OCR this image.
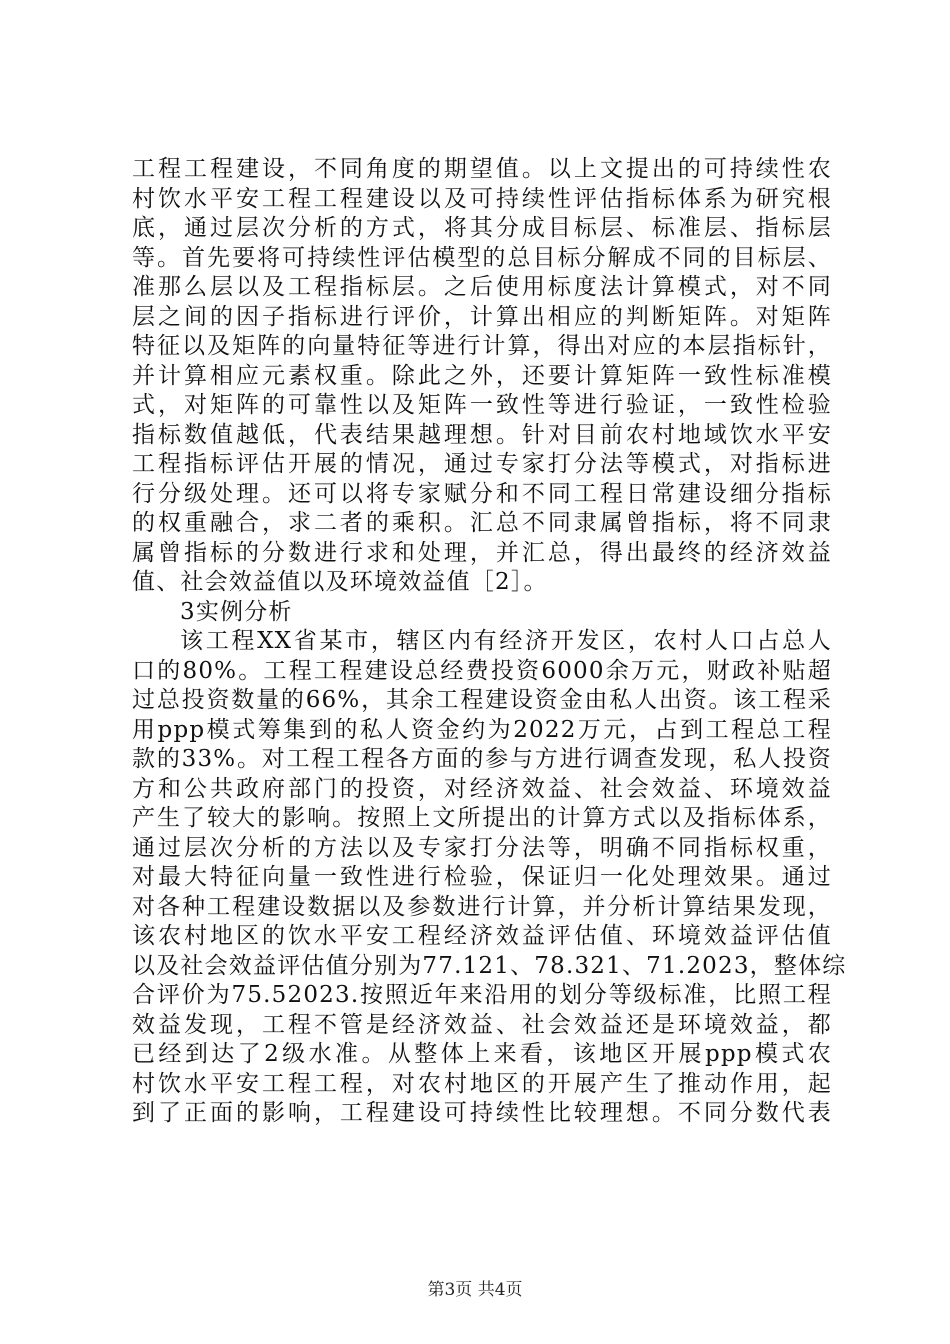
工程工程建设，不同角度的期望值。以上文提出的可持续性农
村饮水平安工程工程建设以及可持续性评估指标体系为研究根
底，通过层次分析的方式，将其分成目标层、标准层、指标层
等。首先要将可持续性评估模型的总目标分解成不同的目标层、
准那么层以及工程指标层。之后使用标度法计算模式，对不同
层之间的因子指标进行评价，计算出相应的判断矩阵。对矩阵
特征以及矩阵的向量特征等进行计算，得出对应的本层指标针，
并计算相应元素权重。除此之外，还要计算矩阵一致性标准模
式，对矩阵的可靠性以及矩阵一致性等进行验证，一致性检验
指标数值越低，代表结果越理想。针对目前农村地域饮水平安
工程指标评估开展的情况，通过专家打分法等模式，对指标进
行分级处理。还可以将专家赋分和不同工程日常建设细分指标
的权重融合，求二者的乘积。汇总不同隶属曾指标，将不同隶
属曾指标的分数进行求和处理，并汇总，得出最终的经济效益
值、社会效益值以及环境效益值［2］。
3实例分析
该工程XX省某市，辖区内有经济开发区，农村人口占总人
口的80%。工程工程建设总经费投资6000余万元，财政补贴超
过总投资数量的66%，其余工程建设资金由私人出资。该工程采
用ppp模式筹集到的私人资金约为2022万元，占到工程总工程
款的33%。对工程工程各方面的参与方进行调查发现，私人投资
方和公共政府部门的投资，对经济效益、社会效益、环境效益
产生了较大的影响。按照上文所提出的计算方式以及指标体系，
通过层次分析的方法以及专家打分法等，明确不同指标权重，
对最大特征向量一致性进行检验，保证归一化处理效果。通过
对各种工程建设数据以及参数进行计算，并分析计算结果发现，
该农村地区的饮水平安工程经济效益评估值、环境效益评估值
以及社会效益评估值分别为77.121、78.321、71.2023，整体综
合评价为75.52023.按照近年来沿用的划分等级标准，比照工程
效益发现，工程不管是经济效益、社会效益还是环境效益，都
已经到达了2级水准。从整体上来看，该地区开展ppp模式农
村饮水平安工程工程，对农村地区的开展产生了推动作用，起
到了正面的影响，工程建设可持续性比较理想。不同分数代表
第3页 共4页
